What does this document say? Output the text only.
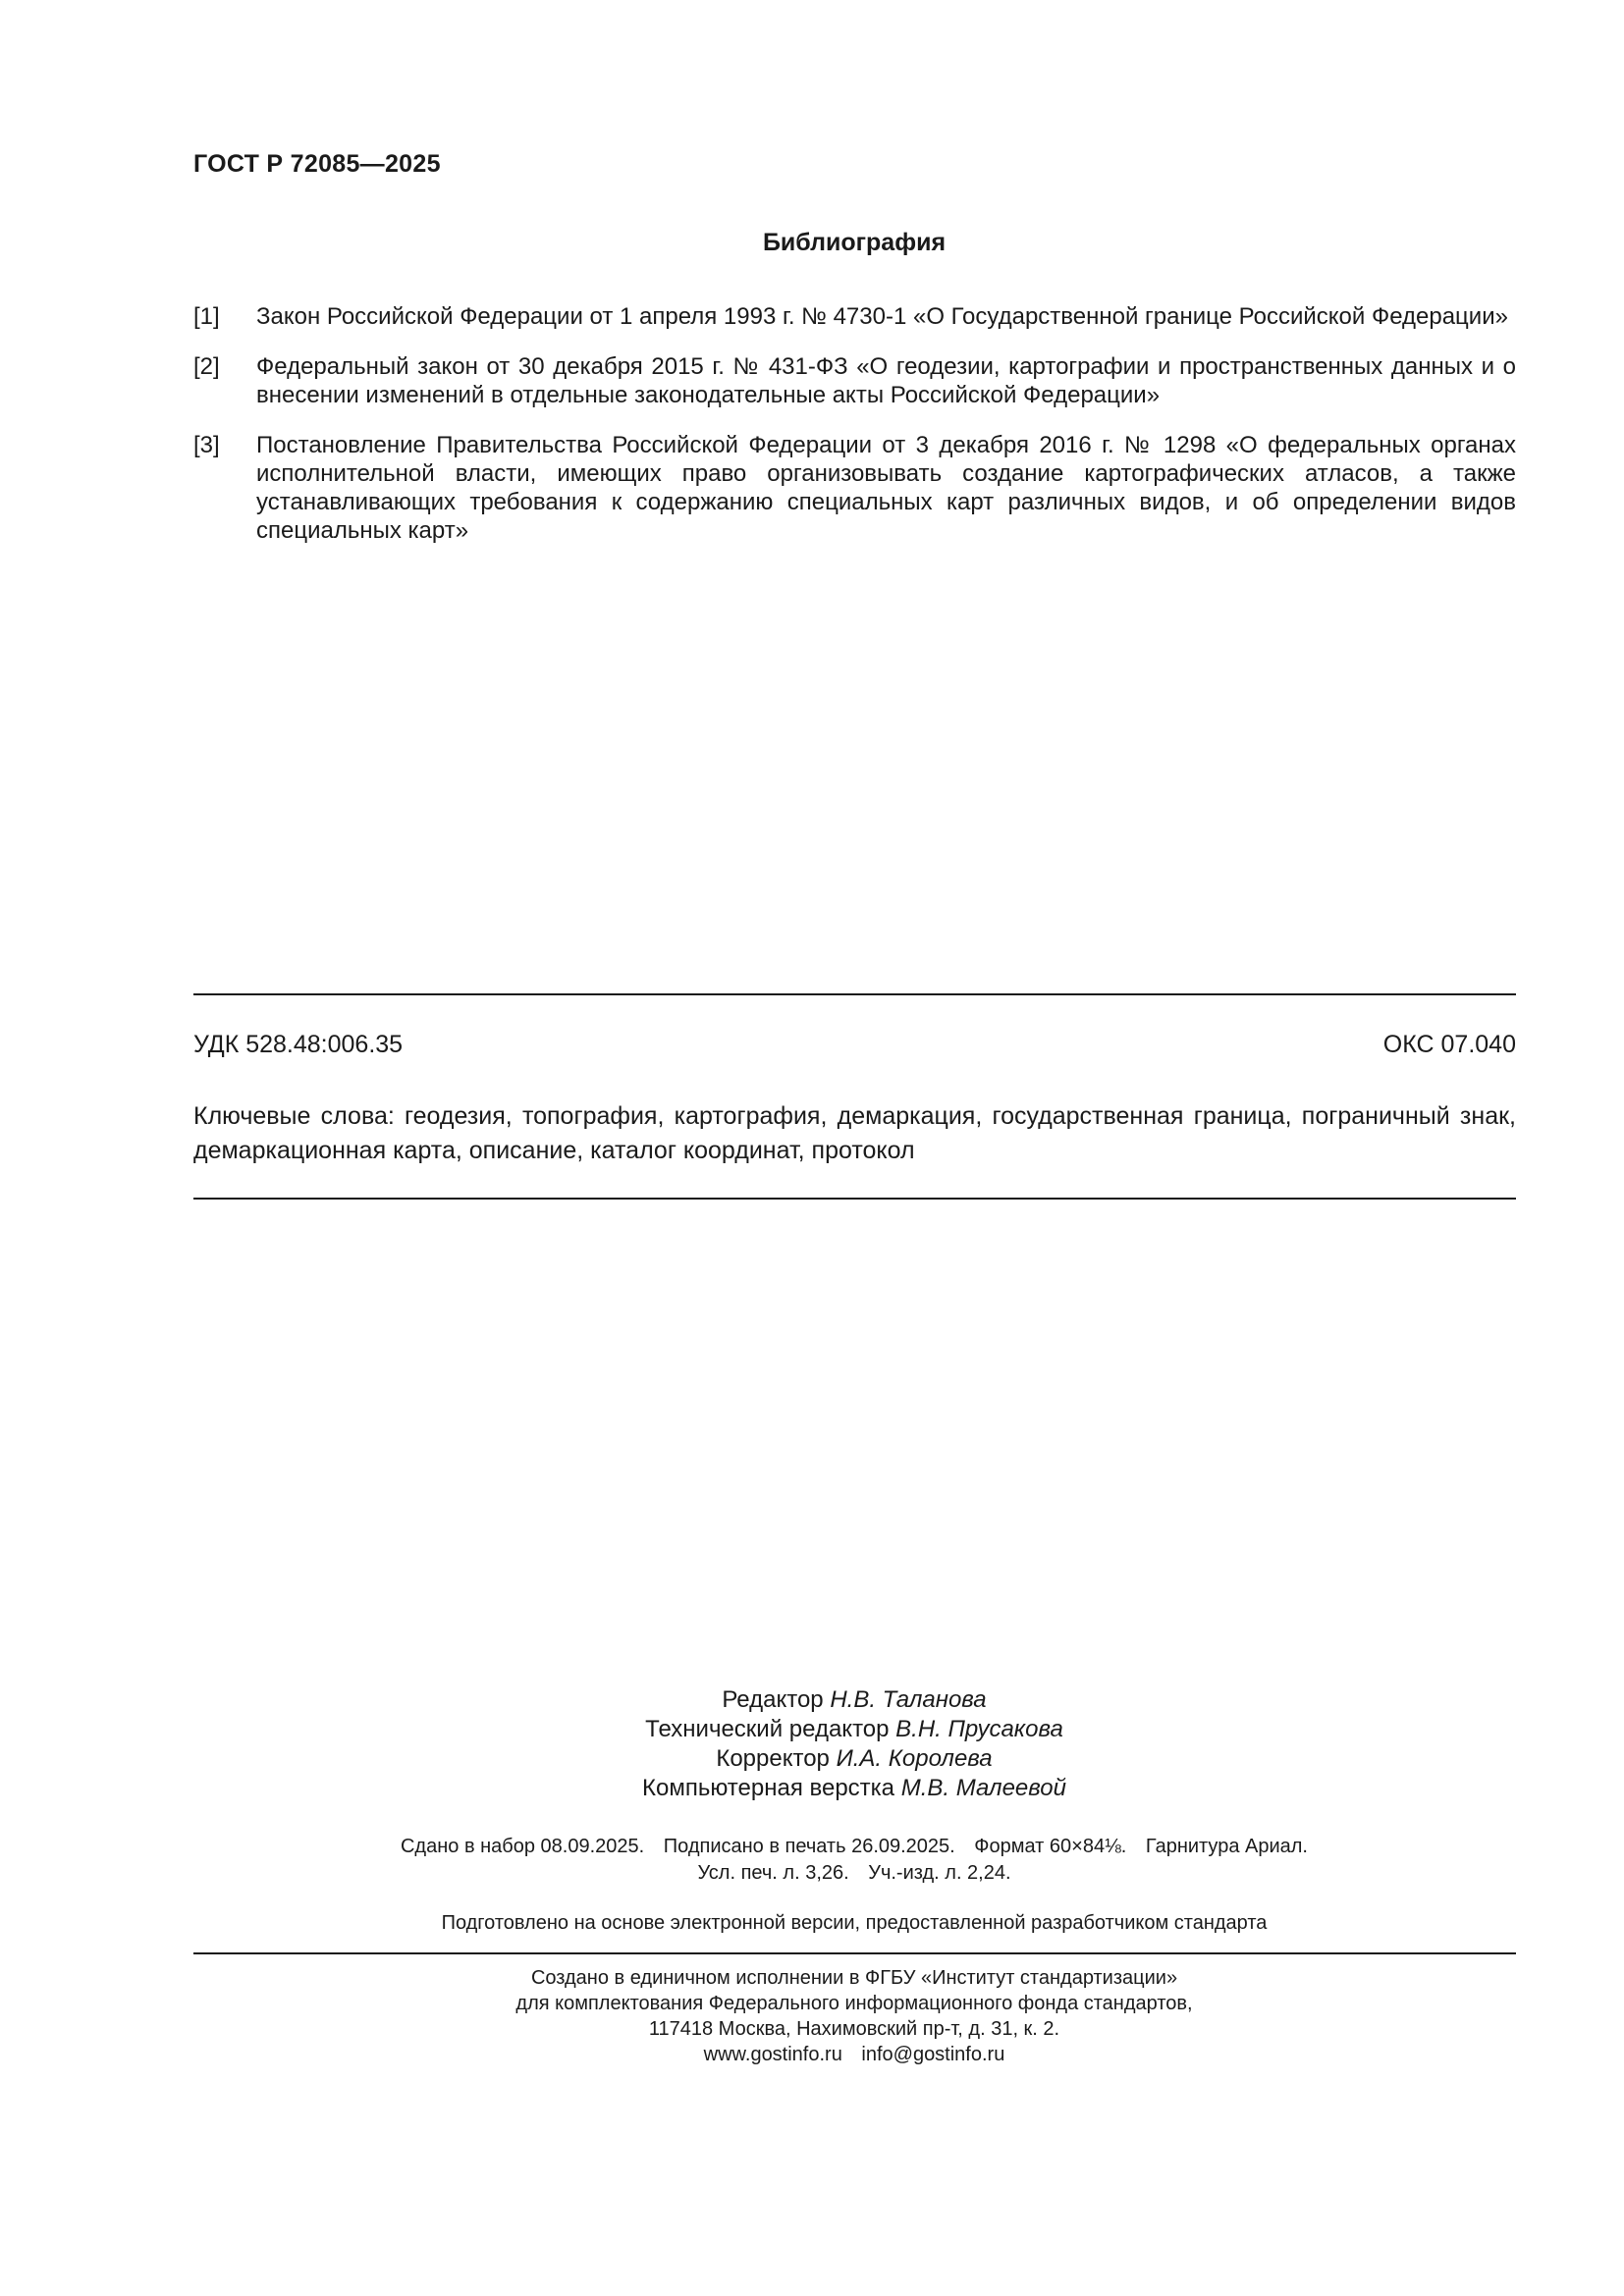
ГОСТ Р 72085—2025
Библиография
[1]	Закон Российской Федерации от 1 апреля 1993 г. № 4730-1 «О Государственной границе Российской Федерации»
[2]	Федеральный закон от 30 декабря 2015 г. № 431-ФЗ «О геодезии, картографии и пространственных данных и о внесении изменений в отдельные законодательные акты Российской Федерации»
[3]	Постановление Правительства Российской Федерации от 3 декабря 2016 г. № 1298 «О федеральных органах исполнительной власти, имеющих право организовывать создание картографических атласов, а также устанавливающих требования к содержанию специальных карт различных видов, и об определении видов специальных карт»
УДК 528.48:006.35	ОКС 07.040
Ключевые слова: геодезия, топография, картография, демаркация, государственная граница, пограничный знак, демаркационная карта, описание, каталог координат, протокол
Редактор Н.В. Таланова
Технический редактор В.Н. Прусакова
Корректор И.А. Королева
Компьютерная верстка М.В. Малеевой
Сдано в набор 08.09.2025. Подписано в печать 26.09.2025. Формат 60×84⅛. Гарнитура Ариал.
Усл. печ. л. 3,26. Уч.-изд. л. 2,24.
Подготовлено на основе электронной версии, предоставленной разработчиком стандарта
Создано в единичном исполнении в ФГБУ «Институт стандартизации»
для комплектования Федерального информационного фонда стандартов,
117418 Москва, Нахимовский пр-т, д. 31, к. 2.
www.gostinfo.ru info@gostinfo.ru
